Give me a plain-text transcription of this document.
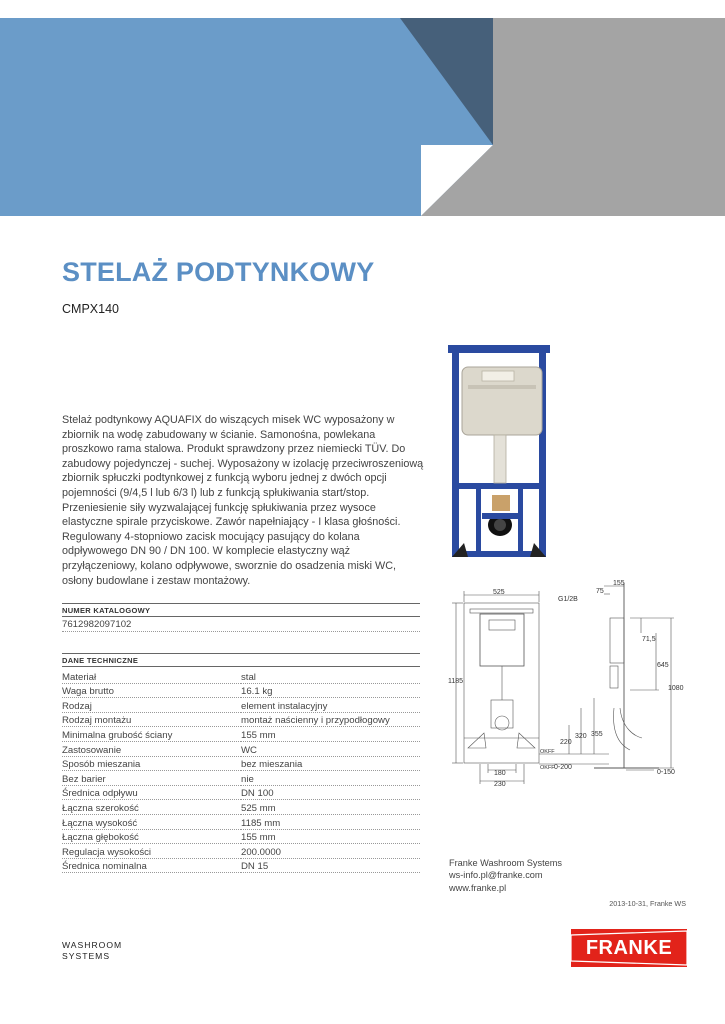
STELAŻ PODTYNKOWY
CMPX140
Stelaż podtynkowy AQUAFIX do wiszących misek WC wyposażony w
zbiornik na wodę zabudowany w ścianie. Samonośna, powlekana
proszkowo rama stalowa. Produkt sprawdzony przez niemiecki TÜV. Do
zabudowy pojedynczej - suchej. Wyposażony w izolację przeciwroszeniową
zbiornik spłuczki podtynkowej z funkcją wyboru jednej z dwóch opcji
pojemności (9/4,5 l lub 6/3 l) lub z funkcją spłukiwania start/stop.
Przeniesienie siły wyzwalającej funkcję spłukiwania przez wysoce
elastyczne spirale przyciskowe. Zawór napełniający - I klasa głośności.
Regulowany 4-stopniowo zacisk mocujący pasujący do kolana
odpływowego DN 90 / DN 100. W komplecie elastyczny wąż
przyłączeniowy, kolano odpływowe, sworznie do osadzenia miski WC,
osłony budowlane i zestaw montażowy.
NUMER KATALOGOWY
7612982097102
DANE TECHNICZNE
Materiał	stal
Waga brutto	16.1 kg
Rodzaj	element instalacyjny
Rodzaj montażu	montaż naścienny i przypodłogowy
Minimalna grubość ściany	155 mm
Zastosowanie	WC
Sposób mieszania	bez mieszania
Bez barier	nie
Średnica odpływu	DN 100
Łączna szerokość	525 mm
Łączna wysokość	1185 mm
Łączna głębokość	155 mm
Regulacja wysokości	200.0000
Średnica nominalna	DN 15
525
1185
155
75
G1/2B
71,5
645
1080
355
320
220
OKFF
OKFF 0-200
0-150
180
230
Franke Washroom Systems
ws-info.pl@franke.com
www.franke.pl
2013-10-31, Franke WS
WASHROOM
SYSTEMS	FRANKE
